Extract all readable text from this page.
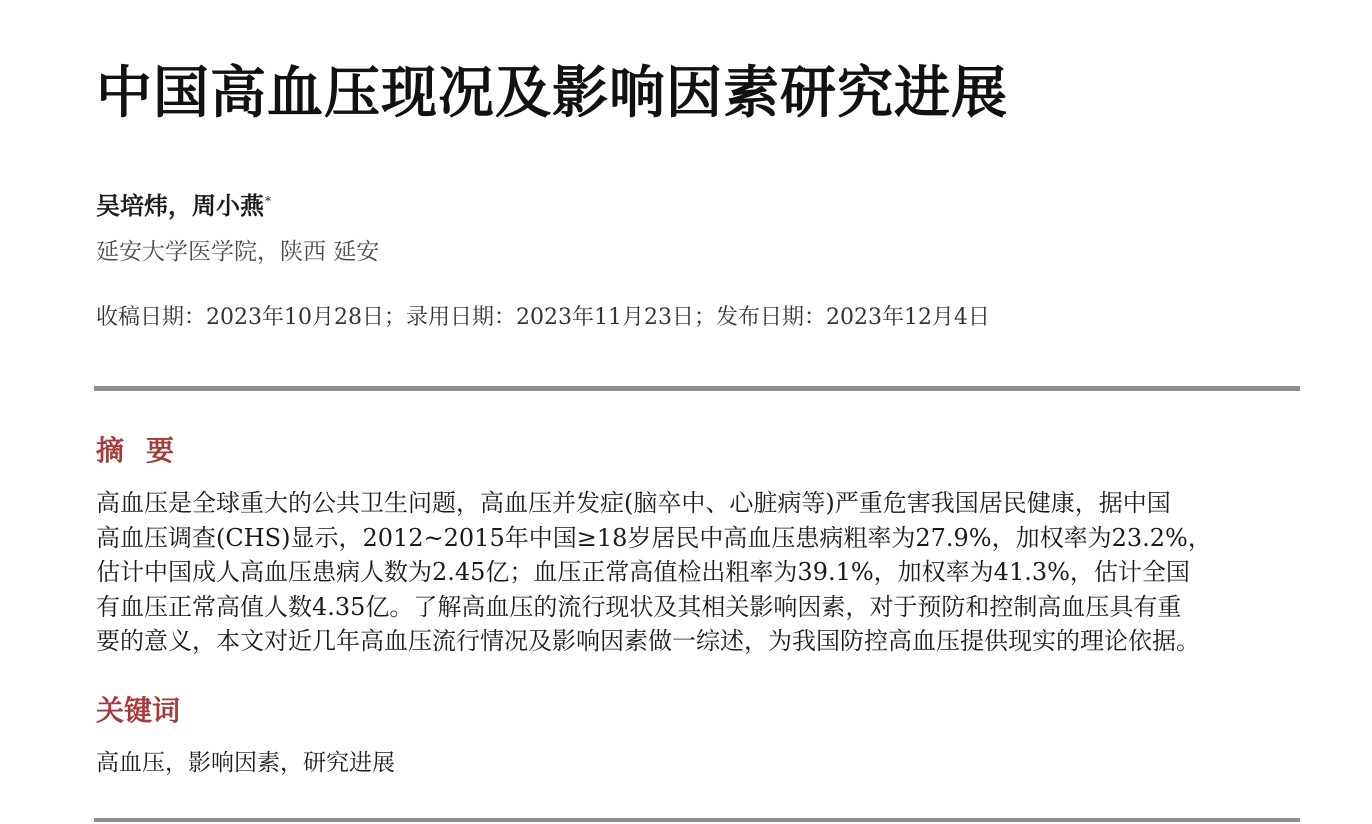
中国高血压现况及影响因素研究进展
吴培炜，周小燕*
延安大学医学院，陕西 延安
收稿日期：2023年10月28日；录用日期：2023年11月23日；发布日期：2023年12月4日
摘要
高血压是全球重大的公共卫生问题，高血压并发症(脑卒中、心脏病等)严重危害我国居民健康，据中国
高血压调查(CHS)显示，2012~2015年中国≥18岁居民中高血压患病粗率为27.9%，加权率为23.2%，
估计中国成人高血压患病人数为2.45亿；血压正常高值检出粗率为39.1%，加权率为41.3%，估计全国
有血压正常高值人数4.35亿。了解高血压的流行现状及其相关影响因素，对于预防和控制高血压具有重
要的意义，本文对近几年高血压流行情况及影响因素做一综述，为我国防控高血压提供现实的理论依据。
关键词
高血压，影响因素，研究进展
